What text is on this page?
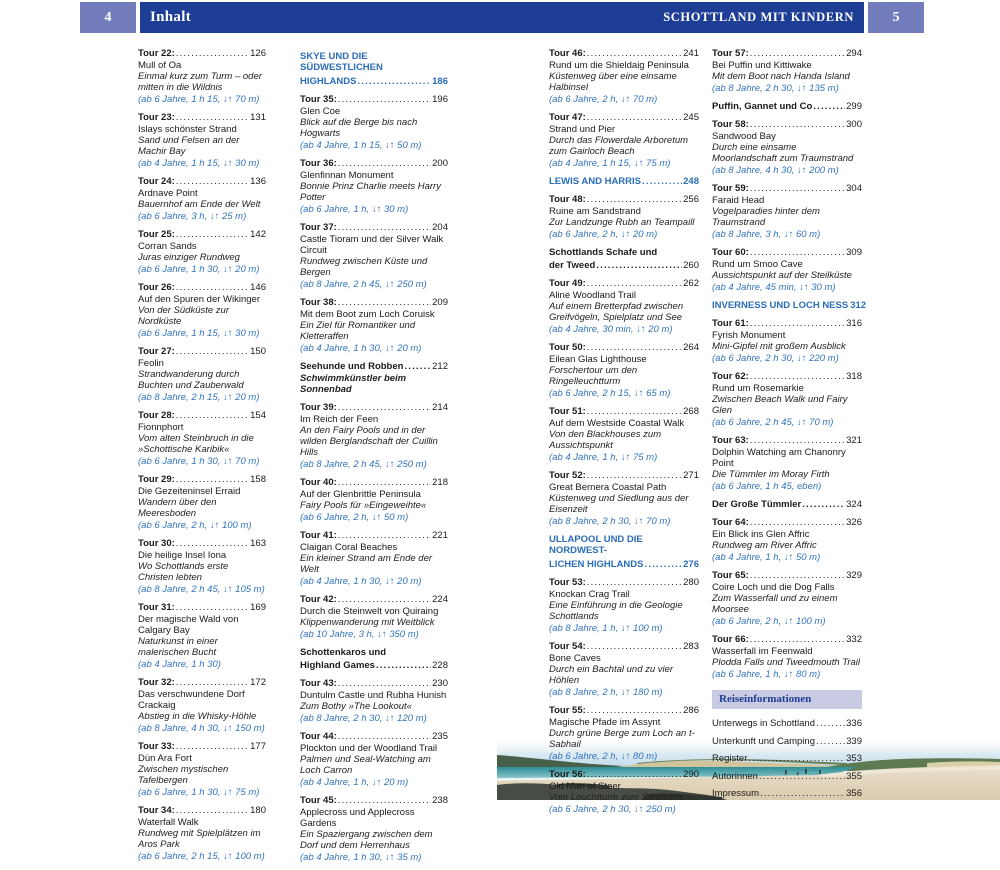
4	Inhalt	SCHOTTLAND MIT KINDERN	5
Tour 22: .....	126
Mull of Oa
Einmal kurz zum Turm – oder mitten in die Wildnis
(ab 6 Jahre, 1 h 15, ↓↑ 70 m)
Tour 23: .....	131
Islays schönster Strand
Sand und Felsen an der Machir Bay
(ab 4 Jahre, 1 h 15, ↓↑ 30 m)
Tour 24: .....	136
Ardnave Point
Bauernhof am Ende der Welt
(ab 6 Jahre, 3 h, ↓↑ 25 m)
Tour 25: .....	142
Corran Sands
Juras einziger Rundweg
(ab 6 Jahre, 1 h 30, ↓↑ 20 m)
Tour 26: .....	146
Auf den Spuren der Wikinger
Von der Südküste zur Nordküste
(ab 6 Jahre, 1 h 15, ↓↑ 30 m)
Tour 27: .....	150
Feolin
Strandwanderung durch Buchten und Zauberwald
(ab 8 Jahre, 2 h 15, ↓↑ 20 m)
Tour 28: .....	154
Fionnphort
Vom alten Steinbruch in die »Schottische Karibik«
(ab 6 Jahre, 1 h 30, ↓↑ 70 m)
Tour 29: .....	158
Die Gezeiteninsel Erraid
Wandern über den Meeresboden
(ab 6 Jahre, 2 h, ↓↑ 100 m)
Tour 30: .....	163
Die heilige Insel Iona
Wo Schottlands erste Christen lebten
(ab 8 Jahre, 2 h 45, ↓↑ 105 m)
Tour 31: .....	169
Der magische Wald von Calgary Bay
Naturkunst in einer malerischen Bucht
(ab 4 Jahre, 1 h 30)
Tour 32: .....	172
Das verschwundene Dorf Crackaig
Abstieg in die Whisky-Höhle
(ab 8 Jahre, 4 h 30, ↓↑ 150 m)
Tour 33: .....	177
Dùn Ara Fort
Zwischen mystischen Tafelbergen
(ab 6 Jahre, 1 h 30, ↓↑ 75 m)
Tour 34: .....	180
Waterfall Walk
Rundweg mit Spielplätzen im Aros Park
(ab 6 Jahre, 2 h 15, ↓↑ 100 m)
SKYE UND DIE SÜDWESTLICHEN
HIGHLANDS .....	186
Tour 35: .....	196
Glen Coe
Blick auf die Berge bis nach Hogwarts
(ab 4 Jahre, 1 h 15, ↓↑ 50 m)
Tour 36: .....	200
Glenfinnan Monument
Bonnie Prinz Charlie meets Harry Potter
(ab 6 Jahre, 1 h, ↓↑ 30 m)
Tour 37: .....	204
Castle Tioram und der Silver Walk Circuit
Rundweg zwischen Küste und Bergen
(ab 8 Jahre, 2 h 45, ↓↑ 250 m)
Tour 38: .....	209
Mit dem Boot zum Loch Coruisk
Ein Ziel für Romantiker und Kletteraffen
(ab 4 Jahre, 1 h 30, ↓↑ 20 m)
Seehunde und Robben .....	212
Schwimmkünstler beim Sonnenbad
Tour 39: .....	214
Im Reich der Feen
An den Fairy Pools und in der wilden Berglandschaft der Cuillin Hills
(ab 8 Jahre, 2 h 45, ↓↑ 250 m)
Tour 40: .....	218
Auf der Glenbrittle Peninsula
Fairy Pools für »Eingeweihte«
(ab 6 Jahre, 2 h, ↓↑ 50 m)
Tour 41: .....	221
Claigan Coral Beaches
Ein kleiner Strand am Ende der Welt
(ab 4 Jahre, 1 h 30, ↓↑ 20 m)
Tour 42: .....	224
Durch die Steinwelt von Quiraing
Klippenwanderung mit Weitblick
(ab 10 Jahre, 3 h, ↓↑ 350 m)
Schottenkaros und
Highland Games .....	228
Tour 43: .....	230
Duntulm Castle und Rubha Hunish
Zum Bothy »The Lookout«
(ab 8 Jahre, 2 h 30, ↓↑ 120 m)
Tour 44: .....	235
Plockton und der Woodland Trail
Palmen und Seal-Watching am Loch Carron
(ab 4 Jahre, 1 h, ↓↑ 20 m)
Tour 45: .....	238
Applecross und Applecross Gardens
Ein Spaziergang zwischen dem Dorf und dem Herrenhaus
(ab 4 Jahre, 1 h 30, ↓↑ 35 m)
Tour 46: .....	241
Rund um die Shieldaig Peninsula
Küstenweg über eine einsame Halbinsel
(ab 6 Jahre, 2 h, ↓↑ 70 m)
Tour 47: .....	245
Strand und Pier
Durch das Flowerdale Arboretum zum Gairloch Beach
(ab 4 Jahre, 1 h 15, ↓↑ 75 m)
LEWIS AND HARRIS .....	248
Tour 48: .....	256
Ruine am Sandstrand
Zur Landzunge Rubh an Teampaill
(ab 6 Jahre, 2 h, ↓↑ 20 m)
Schottlands Schafe und
der Tweed .....	260
Tour 49: .....	262
Aline Woodland Trail
Auf einem Bretterpfad zwischen Greifvögeln, Spielplatz und See
(ab 4 Jahre, 30 min, ↓↑ 20 m)
Tour 50: .....	264
Eilean Glas Lighthouse
Forschertour um den Ringelleuchtturm
(ab 6 Jahre, 2 h 15, ↓↑ 65 m)
Tour 51: .....	268
Auf dem Westside Coastal Walk
Von den Blackhouses zum Aussichtspunkt
(ab 4 Jahre, 1 h, ↓↑ 75 m)
Tour 52: .....	271
Great Bernera Coastal Path
Küstenweg und Siedlung aus der Eisenzeit
(ab 8 Jahre, 2 h 30, ↓↑ 70 m)
ULLAPOOL UND DIE NORDWEST-
LICHEN HIGHLANDS .....	276
Tour 53: .....	280
Knockan Crag Trail
Eine Einführung in die Geologie Schottlands
(ab 8 Jahre, 1 h, ↓↑ 100 m)
Tour 54: .....	283
Bone Caves
Durch ein Bachtal und zu vier Höhlen
(ab 8 Jahre, 2 h, ↓↑ 180 m)
Tour 55: .....	286
Magische Pfade im Assynt
Durch grüne Berge zum Loch an t-Sabhail
(ab 6 Jahre, 2 h, ↓↑ 80 m)
Tour 56: .....	290
Old Man of Stoer
Vom Leuchtturm zum Steinturm
(ab 6 Jahre, 2 h 30, ↓↑ 250 m)
Tour 57: .....	294
Bei Puffin und Kittiwake
Mit dem Boot nach Handa Island
(ab 8 Jahre, 2 h 30, ↓↑ 135 m)
Puffin, Gannet und Co .....	299
Tour 58: .....	300
Sandwood Bay
Durch eine einsame Moorlandschaft zum Traumstrand
(ab 8 Jahre, 4 h 30, ↓↑ 200 m)
Tour 59: .....	304
Faraid Head
Vogelparadies hinter dem Traumstrand
(ab 8 Jahre, 3 h, ↓↑ 60 m)
Tour 60: .....	309
Rund um Smoo Cave
Aussichtspunkt auf der Steilküste
(ab 4 Jahre, 45 min, ↓↑ 30 m)
INVERNESS UND LOCH NESS 312
Tour 61: .....	316
Fyrish Monument
Mini-Gipfel mit großem Ausblick
(ab 6 Jahre, 2 h 30, ↓↑ 220 m)
Tour 62: .....	318
Rund um Rosemarkie
Zwischen Beach Walk und Fairy Glen
(ab 6 Jahre, 2 h 45, ↓↑ 70 m)
Tour 63: .....	321
Dolphin Watching am Chanonry Point
Die Tümmler im Moray Firth
(ab 6 Jahre, 1 h 45, eben)
Der Große Tümmler .....	324
Tour 64: .....	326
Ein Blick ins Glen Affric
Rundweg am River Affric
(ab 4 Jahre, 1 h, ↓↑ 50 m)
Tour 65: .....	329
Coire Loch und die Dog Falls
Zum Wasserfall und zu einem Moorsee
(ab 6 Jahre, 2 h, ↓↑ 100 m)
Tour 66: .....	332
Wasserfall im Feenwald
Plodda Falls und Tweedmouth Trail
(ab 6 Jahre, 1 h, ↓↑ 80 m)
Reiseinformationen
Unterwegs in Schottland .....	336
Unterkunft und Camping .....	339
Register .....	353
Autorinnen .....	355
Impressum .....	356
